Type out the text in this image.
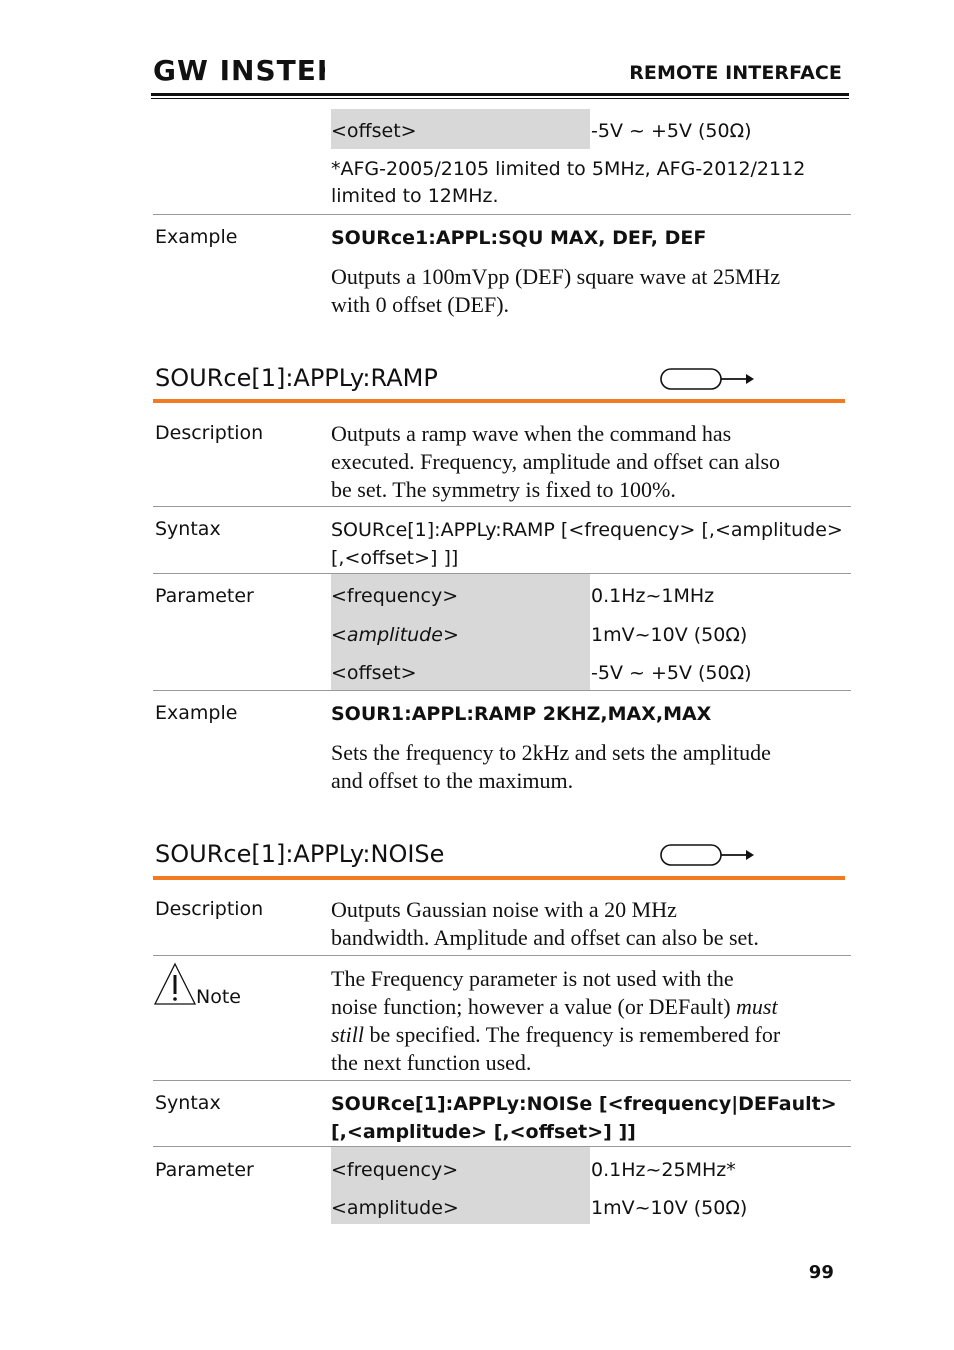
GW INSTEK	REMOTE INTERFACE
<offset>	-5V ~ +5V (50Ω)
*AFG-2005/2105 limited to 5MHz, AFG-2012/2112
limited to 12MHz.
Example	SOURce1:APPL:SQU MAX, DEF, DEF
Outputs a 100mVpp (DEF) square wave at 25MHz
with 0 offset (DEF).
SOURce[1]:APPLy:RAMP
Description	Outputs a ramp wave when the command has
executed. Frequency, amplitude and offset can also
be set. The symmetry is fixed to 100%.
Syntax	SOURce[1]:APPLy:RAMP [<frequency> [,<amplitude>
[,<offset>] ]]
Parameter	<frequency>	0.1Hz~1MHz
<amplitude>	1mV~10V (50Ω)
<offset>	-5V ~ +5V (50Ω)
Example	SOUR1:APPL:RAMP 2KHZ,MAX,MAX
Sets the frequency to 2kHz and sets the amplitude
and offset to the maximum.
SOURce[1]:APPLy:NOISe
Description	Outputs Gaussian noise with a 20 MHz
bandwidth. Amplitude and offset can also be set.
Note
The Frequency parameter is not used with the
noise function; however a value (or DEFault) must
still be specified. The frequency is remembered for
the next function used.
Syntax	SOURce[1]:APPLy:NOISe [<frequency|DEFault>
[,<amplitude> [,<offset>] ]]
Parameter	<frequency>	0.1Hz~25MHz*
<amplitude>	1mV~10V (50Ω)
99
